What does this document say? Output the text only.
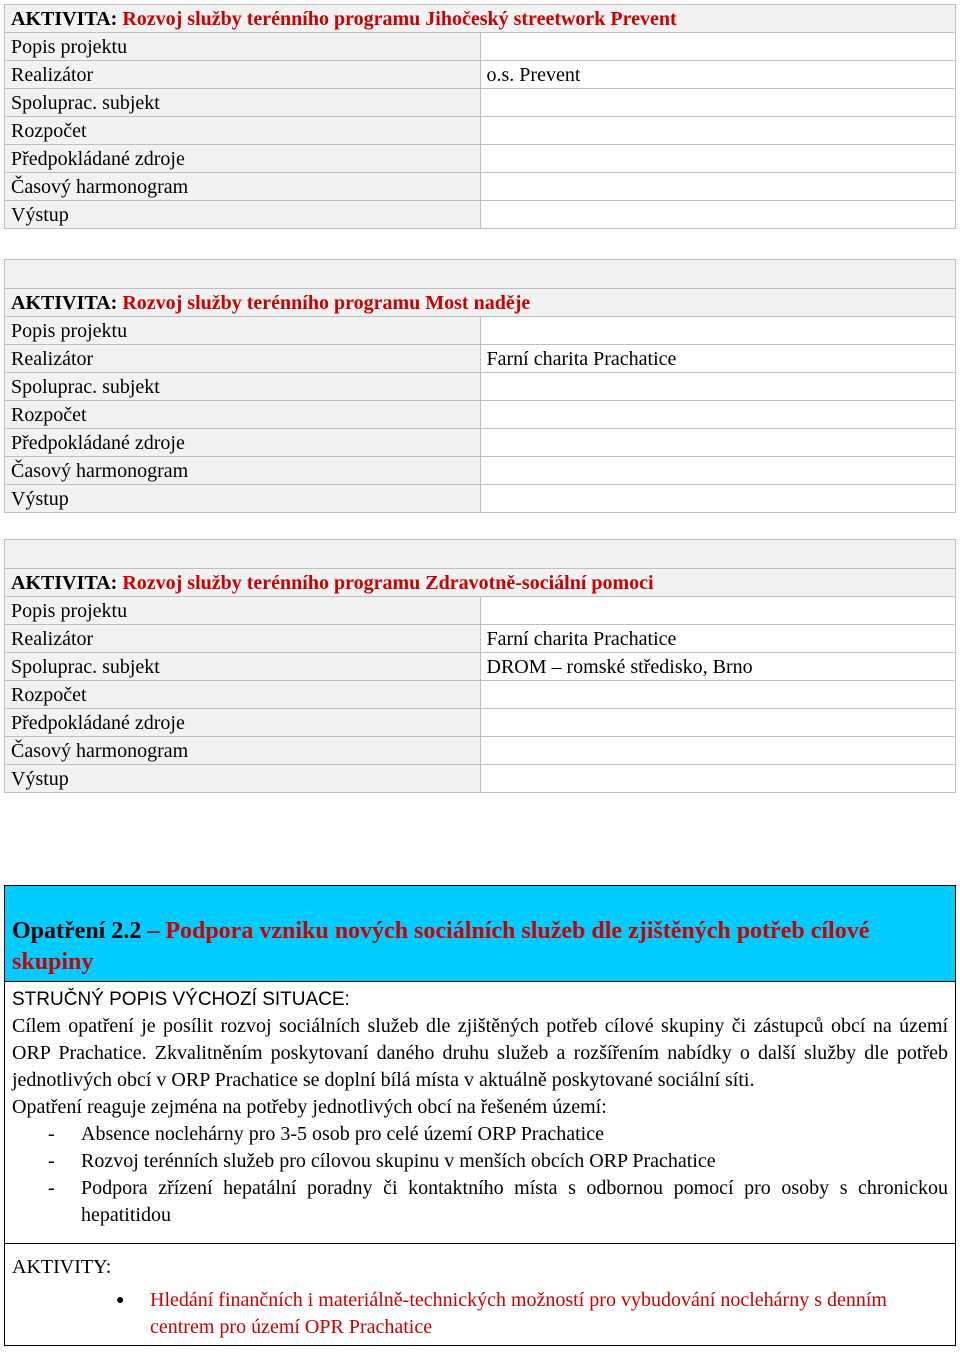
AKTIVITA: Rozvoj služby terénního programu Jihočeský streetwork Prevent	
Popis projektu	
Realizátor	o.s. Prevent
Spoluprac. subjekt	
Rozpočet	
Předpokládané zdroje	
Časový harmonogram	
Výstup	

AKTIVITA: Rozvoj služby terénního programu Most naděje	
Popis projektu	
Realizátor	Farní charita Prachatice
Spoluprac. subjekt	
Rozpočet	
Předpokládané zdroje	
Časový harmonogram	
Výstup	

AKTIVITA: Rozvoj služby terénního programu Zdravotně-sociální pomoci	
Popis projektu	
Realizátor	Farní charita Prachatice
Spoluprac. subjekt	DROM – romské středisko, Brno
Rozpočet	
Předpokládané zdroje	
Časový harmonogram	
Výstup	
Opatření 2.2 – Podpora vzniku nových sociálních služeb dle zjištěných potřeb cílové skupiny
STRUČNÝ POPIS VÝCHOZÍ SITUACE:
Cílem opatření je posílit rozvoj sociálních služeb dle zjištěných potřeb cílové skupiny či zástupců obcí na území ORP Prachatice. Zkvalitněním poskytovaní daného druhu služeb a rozšířením nabídky o další služby dle potřeb jednotlivých obcí v ORP Prachatice se doplní bílá místa v aktuálně poskytované sociální síti.
Opatření reaguje zejména na potřeby jednotlivých obcí na řešeném území:
- Absence noclehárny pro 3-5 osob pro celé území ORP Prachatice
- Rozvoj terénních služeb pro cílovou skupinu v menších obcích ORP Prachatice
- Podpora zřízení hepatální poradny či kontaktního místa s odbornou pomocí pro osoby s chronickou hepatitidou
AKTIVITY:
● Hledání finančních i materiálně-technických možností pro vybudování noclehárny s denním centrem pro území OPR Prachatice
